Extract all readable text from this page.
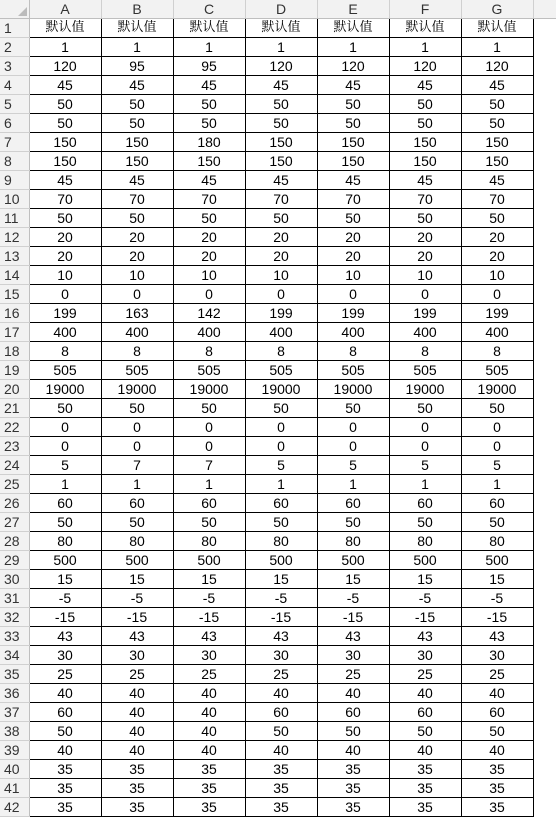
	A	B	C	D	E	F	G	
1	默认值	默认值	默认值	默认值	默认值	默认值	默认值	
2	1	1	1	1	1	1	1	
3	120	95	95	120	120	120	120	
4	45	45	45	45	45	45	45	
5	50	50	50	50	50	50	50	
6	50	50	50	50	50	50	50	
7	150	150	180	150	150	150	150	
8	150	150	150	150	150	150	150	
9	45	45	45	45	45	45	45	
10	70	70	70	70	70	70	70	
11	50	50	50	50	50	50	50	
12	20	20	20	20	20	20	20	
13	20	20	20	20	20	20	20	
14	10	10	10	10	10	10	10	
15	0	0	0	0	0	0	0	
16	199	163	142	199	199	199	199	
17	400	400	400	400	400	400	400	
18	8	8	8	8	8	8	8	
19	505	505	505	505	505	505	505	
20	19000	19000	19000	19000	19000	19000	19000	
21	50	50	50	50	50	50	50	
22	0	0	0	0	0	0	0	
23	0	0	0	0	0	0	0	
24	5	7	7	5	5	5	5	
25	1	1	1	1	1	1	1	
26	60	60	60	60	60	60	60	
27	50	50	50	50	50	50	50	
28	80	80	80	80	80	80	80	
29	500	500	500	500	500	500	500	
30	15	15	15	15	15	15	15	
31	-5	-5	-5	-5	-5	-5	-5	
32	-15	-15	-15	-15	-15	-15	-15	
33	43	43	43	43	43	43	43	
34	30	30	30	30	30	30	30	
35	25	25	25	25	25	25	25	
36	40	40	40	40	40	40	40	
37	60	40	40	60	60	60	60	
38	50	40	40	50	50	50	50	
39	40	40	40	40	40	40	40	
40	35	35	35	35	35	35	35	
41	35	35	35	35	35	35	35	
42	35	35	35	35	35	35	35	
